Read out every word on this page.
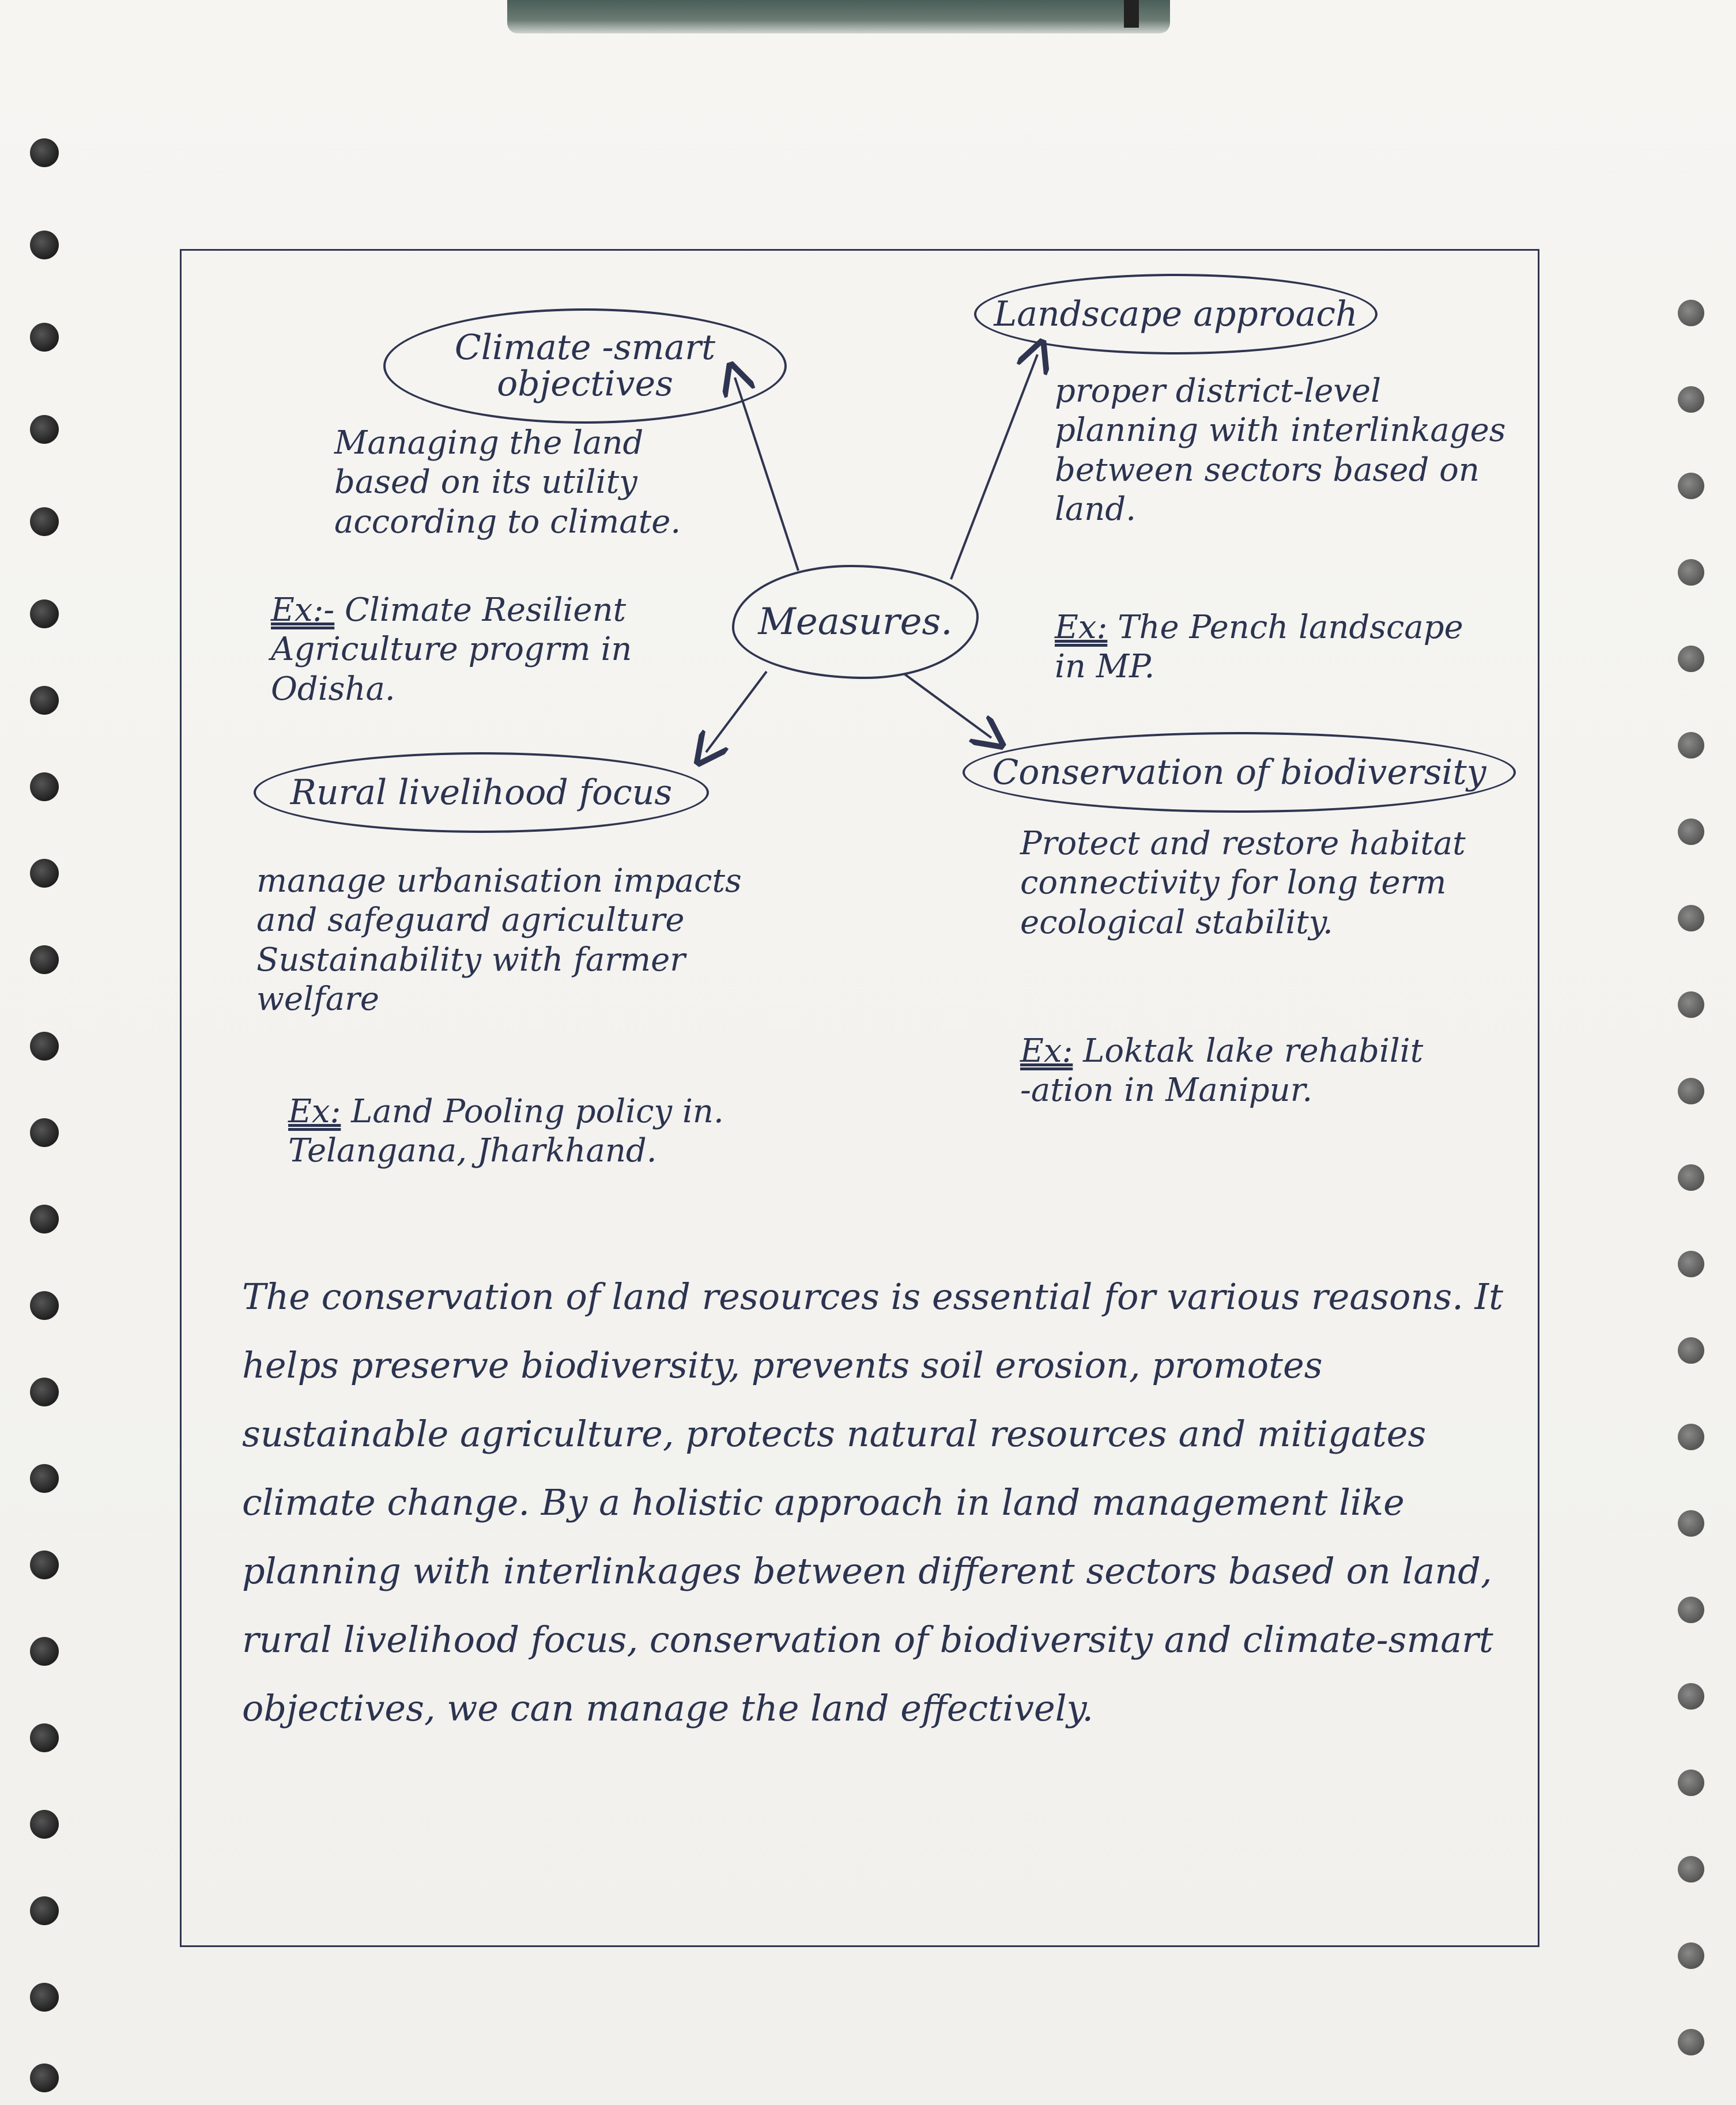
Measures.
Climate -smart objectives
Landscape approach
Rural livelihood focus	Conservation of biodiversity
Managing the land
based on its utility
according to climate.
Ex:- Climate Resilient
Agriculture progrm in
Odisha.
proper district-level
planning with interlinkages
between sectors based on
land.
Ex: The Pench landscape
in MP.
manage urbanisation impacts
and safeguard agriculture
Sustainability with farmer
welfare
Ex: Land Pooling policy in.
Telangana, Jharkhand.
Protect and restore habitat
connectivity for long term
ecological stability.
Ex: Loktak lake rehabilit
-ation in Manipur.
The conservation of land resources is essential for various reasons. It helps preserve biodiversity, prevents soil erosion, promotes sustainable agriculture, protects natural resources and mitigates climate change. By a holistic approach in land management like planning with interlinkages between different sectors based on land, rural livelihood focus, conservation of biodiversity and climate-smart objectives, we can manage the land effectively.
